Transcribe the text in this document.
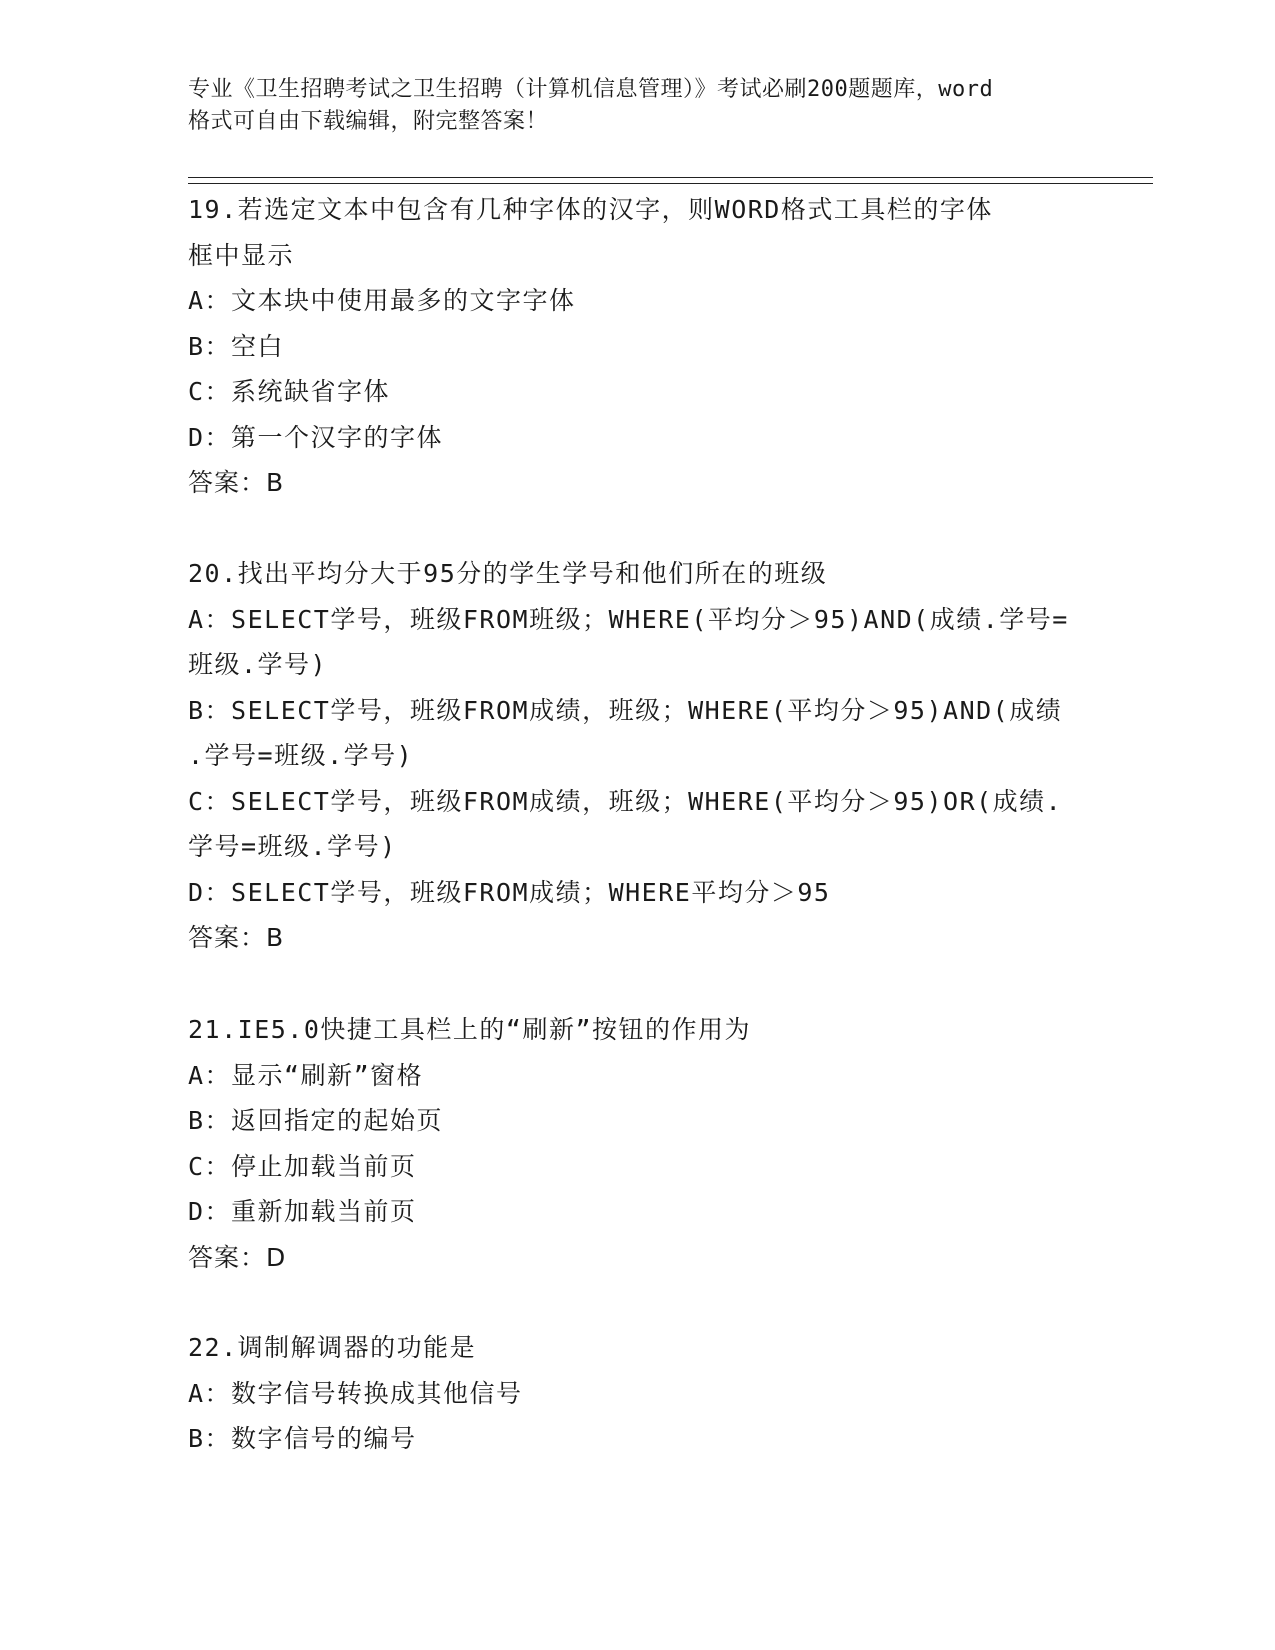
专业《卫生招聘考试之卫生招聘（计算机信息管理）》考试必刷200题题库，word
格式可自由下载编辑，附完整答案！
19.若选定文本中包含有几种字体的汉字，则WORD格式工具栏的字体
框中显示
A：文本块中使用最多的文字字体
B：空白
C：系统缺省字体
D：第一个汉字的字体
答案：B
20.找出平均分大于95分的学生学号和他们所在的班级
A：SELECT学号，班级FROM班级；WHERE(平均分＞95)AND(成绩.学号=
班级.学号)
B：SELECT学号，班级FROM成绩，班级；WHERE(平均分＞95)AND(成绩
.学号=班级.学号)
C：SELECT学号，班级FROM成绩，班级；WHERE(平均分＞95)OR(成绩.
学号=班级.学号)
D：SELECT学号，班级FROM成绩；WHERE平均分＞95
答案：B
21.IE5.0快捷工具栏上的“刷新”按钮的作用为
A：显示“刷新”窗格
B：返回指定的起始页
C：停止加载当前页
D：重新加载当前页
答案：D
22.调制解调器的功能是
A：数字信号转换成其他信号
B：数字信号的编号
